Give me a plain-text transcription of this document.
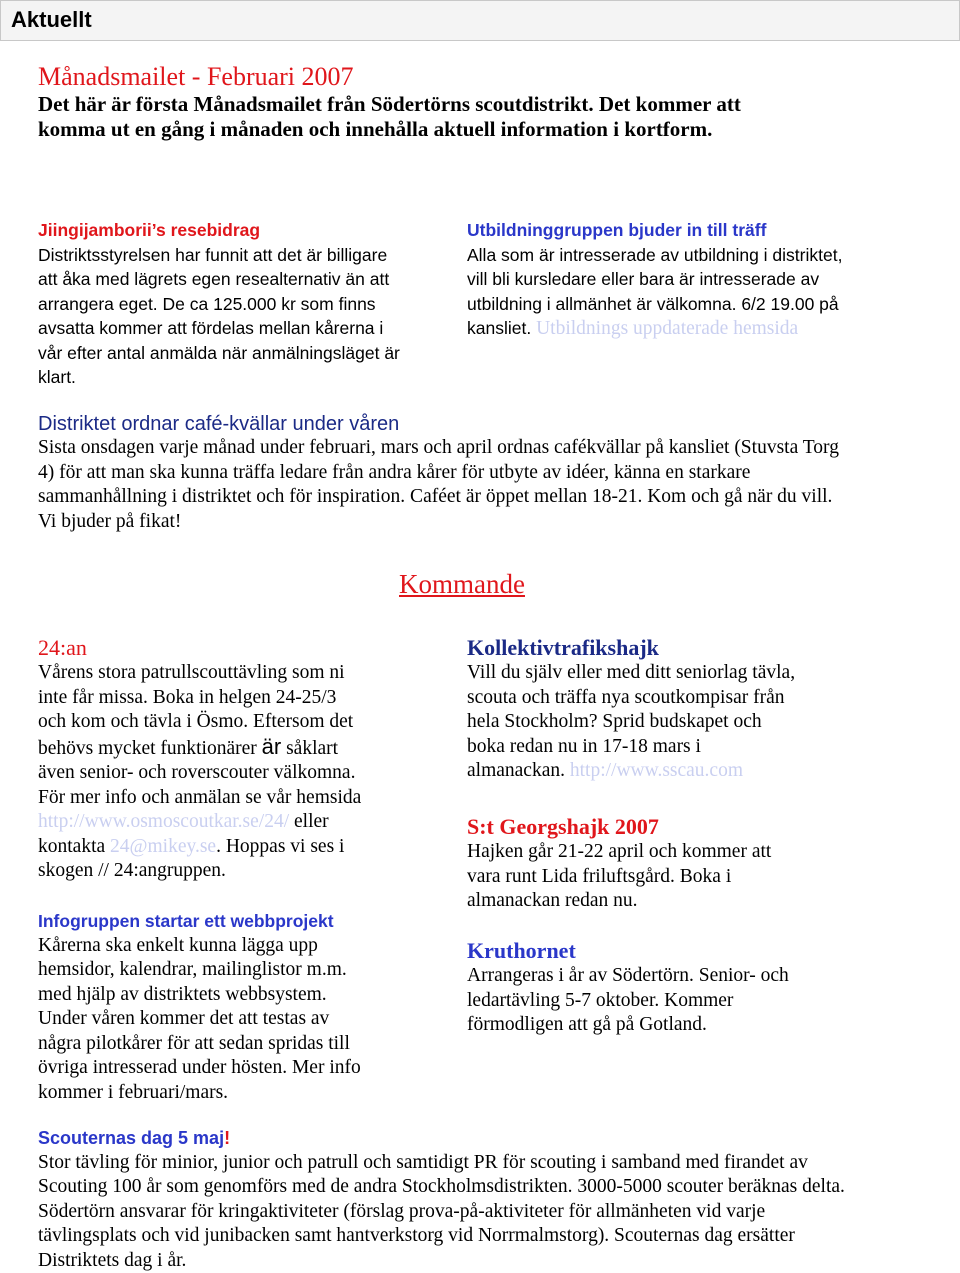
Aktuellt
Månadsmailet - Februari 2007
Det här är första Månadsmailet från Södertörns scoutdistrikt. Det kommer att
komma ut en gång i månaden och innehålla aktuell information i kortform.
Jiingijamborii’s resebidrag
Distriktsstyrelsen har funnit att det är billigare
att åka med lägrets egen resealternativ än att
arrangera eget. De ca 125.000 kr som finns
avsatta kommer att fördelas mellan kårerna i
vår efter antal anmälda när anmälningsläget är
klart.
Utbildninggruppen bjuder in till träff
Alla som är intresserade av utbildning i distriktet,
vill bli kursledare eller bara är intresserade av
utbildning i allmänhet är välkomna. 6/2 19.00 på
kansliet. Utbildnings uppdaterade hemsida
Distriktet ordnar café-kvällar under våren
Sista onsdagen varje månad under februari, mars och april ordnas cafékvällar på kansliet (Stuvsta Torg
4) för att man ska kunna träffa ledare från andra kårer för utbyte av idéer, känna en starkare
sammanhållning i distriktet och för inspiration. Caféet är öppet mellan 18-21. Kom och gå när du vill.
Vi bjuder på fikat!
Kommande
24:an
Vårens stora patrullscouttävling som ni
inte får missa. Boka in helgen 24-25/3
och kom och tävla i Ösmo. Eftersom det
behövs mycket funktionärer är såklart
även senior- och roverscouter välkomna.
För mer info och anmälan se vår hemsida
http://www.osmoscoutkar.se/24/ eller
kontakta 24@mikey.se. Hoppas vi ses i
skogen // 24:angruppen.
Infogruppen startar ett webbprojekt
Kårerna ska enkelt kunna lägga upp
hemsidor, kalendrar, mailinglistor m.m.
med hjälp av distriktets webbsystem.
Under våren kommer det att testas av
några pilotkårer för att sedan spridas till
övriga intresserad under hösten. Mer info
kommer i februari/mars.
Kollektivtrafikshajk
Vill du själv eller med ditt seniorlag tävla,
scouta och träffa nya scoutkompisar från
hela Stockholm? Sprid budskapet och
boka redan nu in 17-18 mars i
almanackan. http://www.sscau.com
S:t Georgshajk 2007
Hajken går 21-22 april och kommer att
vara runt Lida friluftsgård. Boka i
almanackan redan nu.
Kruthornet
Arrangeras i år av Södertörn. Senior- och
ledartävling 5-7 oktober. Kommer
förmodligen att gå på Gotland.
Scouternas dag 5 maj!
Stor tävling för minior, junior och patrull och samtidigt PR för scouting i samband med firandet av
Scouting 100 år som genomförs med de andra Stockholmsdistrikten. 3000-5000 scouter beräknas delta.
Södertörn ansvarar för kringaktiviteter (förslag prova-på-aktiviteter för allmänheten vid varje
tävlingsplats och vid junibacken samt hantverkstorg vid Norrmalmstorg). Scouternas dag ersätter
Distriktets dag i år.
